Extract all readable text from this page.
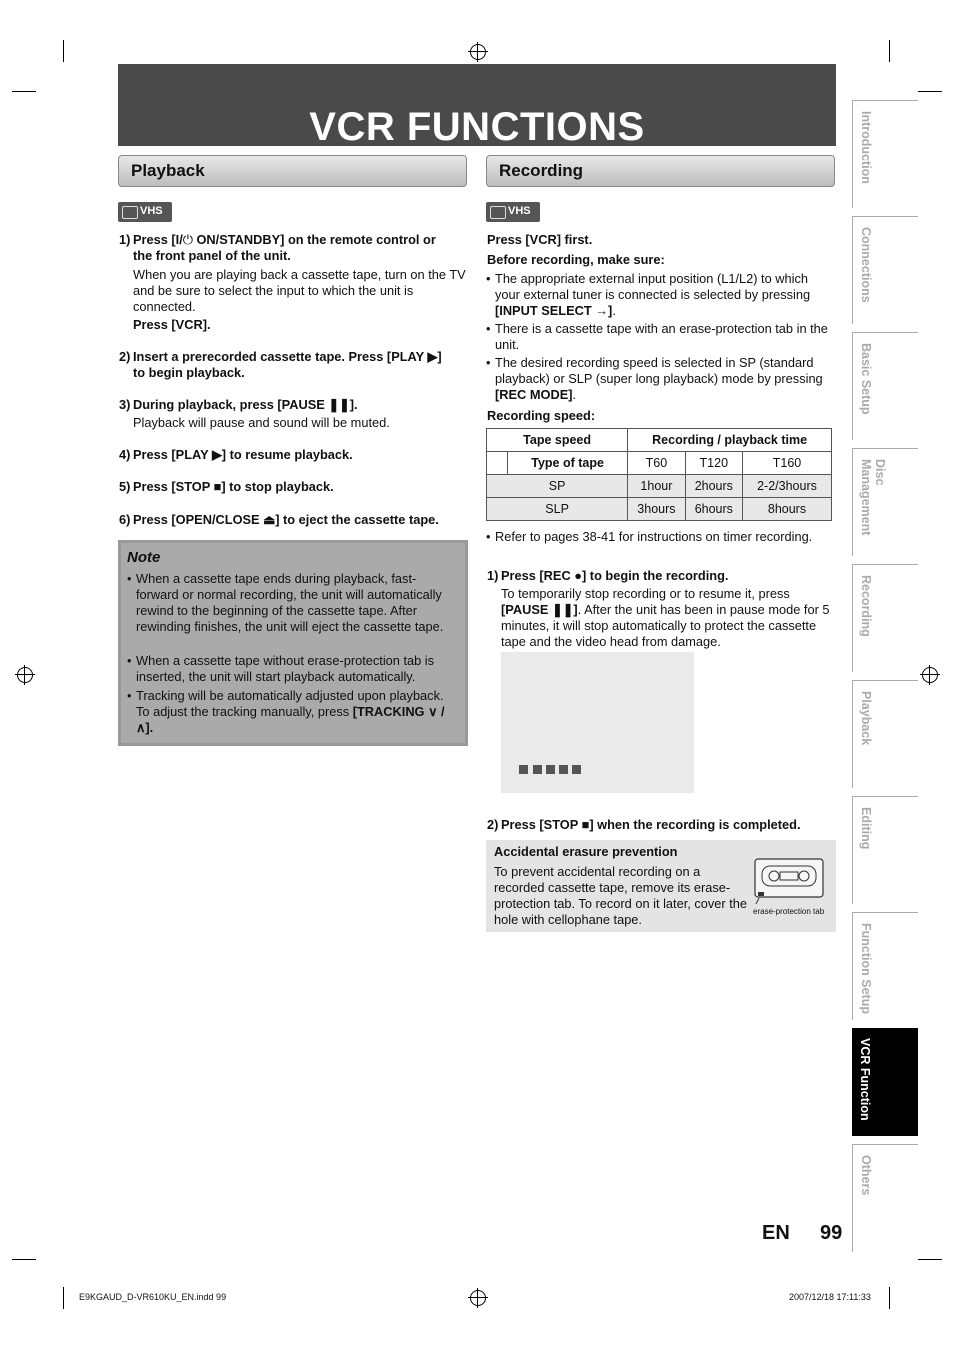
VCR FUNCTIONS
Playback
VHS
1) Press [I/⏻ ON/STANDBY] on the remote control or
the front panel of the unit.
When you are playing back a cassette tape, turn on the TV and be sure to select the input to which the unit is connected.
Press [VCR].
2) Insert a prerecorded cassette tape. Press [PLAY ▶]
to begin playback.
3) During playback, press [PAUSE ❚❚].
Playback will pause and sound will be muted.
4) Press [PLAY ▶] to resume playback.
5) Press [STOP ■] to stop playback.
6) Press [OPEN/CLOSE ⏏] to eject the cassette tape.
Note
• When a cassette tape ends during playback, fast-forward or normal recording, the unit will automatically rewind to the beginning of the cassette tape. After rewinding finishes, the unit will eject the cassette tape.
• When a cassette tape without erase-protection tab is inserted, the unit will start playback automatically.
• Tracking will be automatically adjusted upon playback. To adjust the tracking manually, press [TRACKING ∨ / ∧].
Recording
VHS
Press [VCR] first.
Before recording, make sure:
• The appropriate external input position (L1/L2) to which your external tuner is connected is selected by pressing [INPUT SELECT →].
• There is a cassette tape with an erase-protection tab in the unit.
• The desired recording speed is selected in SP (standard playback) or SLP (super long playback) mode by pressing [REC MODE].
Recording speed:
Tape speed		Recording / playback time		
	Type of tape	T60	T120	T160
SP		1hour	2hours	2-2/3hours
SLP		3hours	6hours	8hours
• Refer to pages 38-41 for instructions on timer recording.
1) Press [REC ●] to begin the recording.
To temporarily stop recording or to resume it, press [PAUSE ❚❚]. After the unit has been in pause mode for 5 minutes, it will stop automatically to protect the cassette tape and the video head from damage.
2) Press [STOP ■] when the recording is completed.
Accidental erasure prevention
To prevent accidental recording on a recorded cassette tape, remove its erase-protection tab. To record on it later, cover the hole with cellophane tape.
erase-protection tab
Introduction
Connections
Basic Setup
Disc Management
Recording
Playback
Editing
Function Setup
VCR Function
Others
EN 99
E9KGAUD_D-VR610KU_EN.indd 99	2007/12/18 17:11:33
